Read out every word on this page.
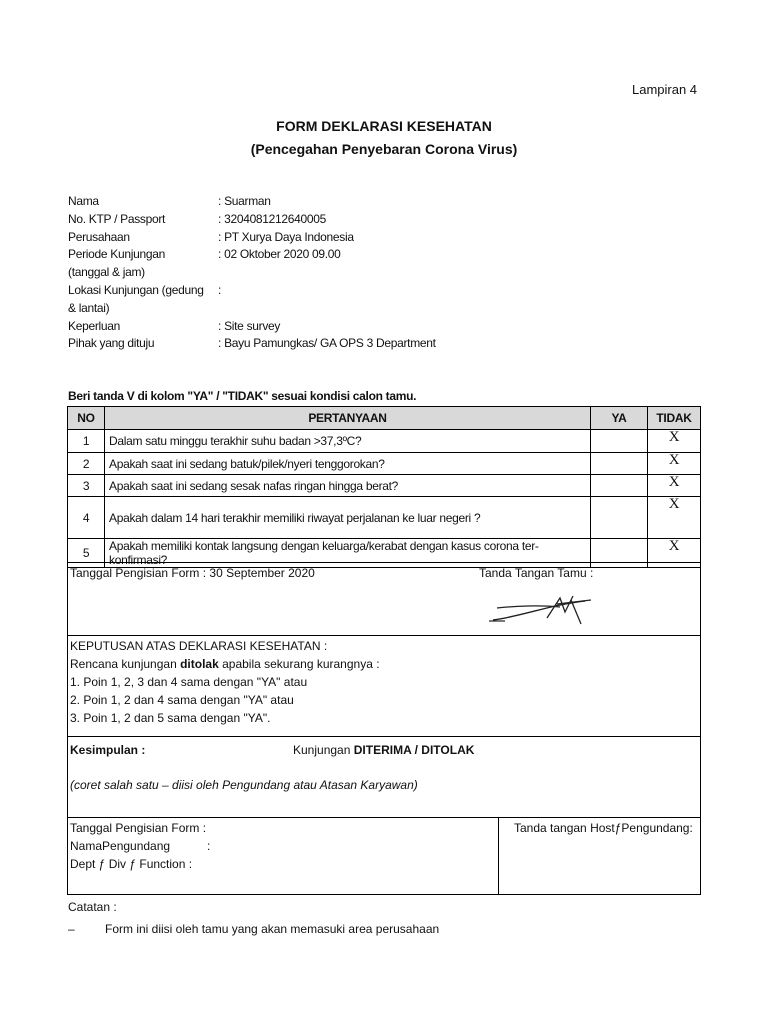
Lampiran 4
FORM DEKLARASI KESEHATAN
(Pencegahan Penyebaran Corona Virus)
Nama	: Suarman
No. KTP / Passport	: 3204081212640005
Perusahaan	: PT Xurya Daya Indonesia
Periode Kunjungan
(tanggal & jam)
: 02 Oktober 2020 09.00
Lokasi Kunjungan (gedung
& lantai)
:
Keperluan	: Site survey
Pihak yang dituju	: Bayu Pamungkas/ GA OPS 3 Department
Beri tanda V di kolom "YA" / "TIDAK" sesuai kondisi calon tamu.
NO	PERTANYAAN	YA	TIDAK
1	Dalam satu minggu terakhir suhu badan >37,3ºC?		X
2	Apakah saat ini sedang batuk/pilek/nyeri tenggorokan?		X
3	Apakah saat ini sedang sesak nafas ringan hingga berat?		X
4	Apakah dalam 14 hari terakhir memiliki riwayat perjalanan ke luar negeri ?		X
5	Apakah memiliki kontak langsung dengan keluarga/kerabat dengan kasus corona ter-konfirmasi?		X
Tanggal Pengisian Form : 30 September 2020	Tanda Tangan Tamu :
KEPUTUSAN ATAS DEKLARASI KESEHATAN :
Rencana kunjungan ditolak apabila sekurang kurangnya :
1. Poin 1, 2, 3 dan 4 sama dengan "YA" atau
2. Poin 1, 2 dan 4 sama dengan "YA" atau
3. Poin 1, 2 dan 5 sama dengan "YA".
Kesimpulan :	Kunjungan DITERIMA / DITOLAK
(coret salah satu – diisi oleh Pengundang atau Atasan Karyawan)
Tanggal Pengisian Form :
NamaPengundang	:
Dept ƒ Div ƒ Function :
Tanda tangan HostƒPengundang:
Catatan :
–	Form ini diisi oleh tamu yang akan memasuki area perusahaan
